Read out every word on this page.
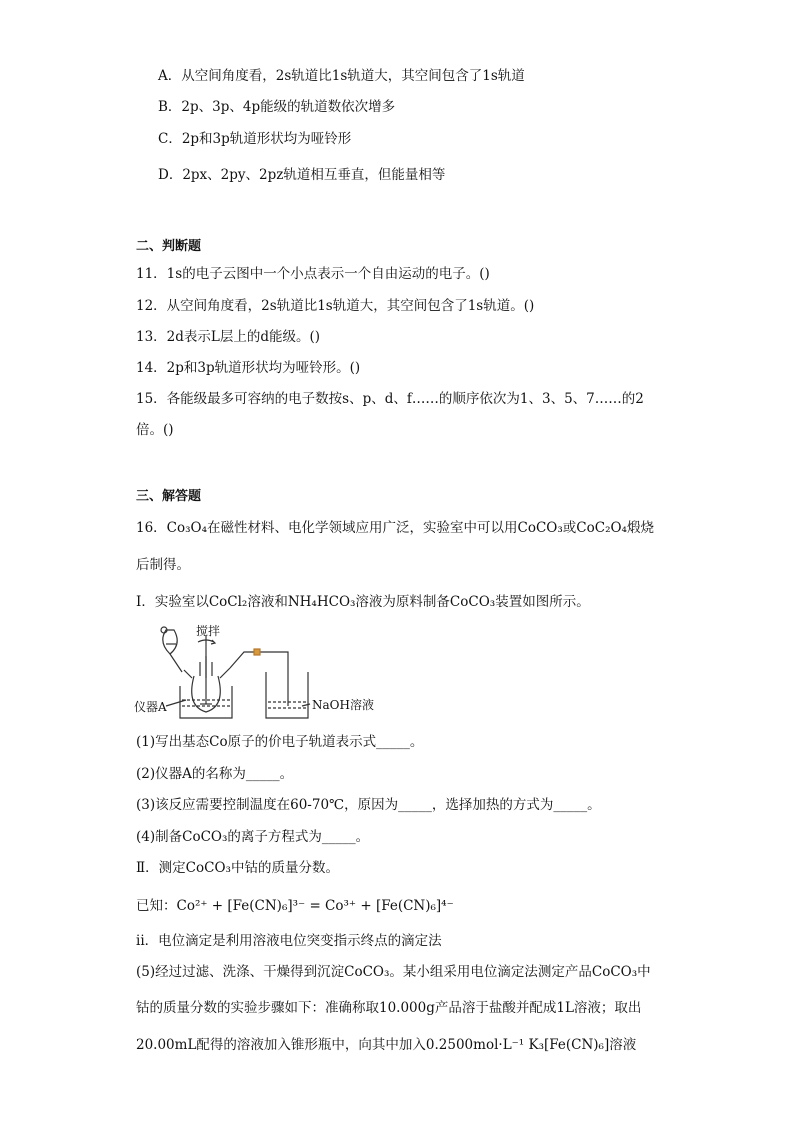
A．从空间角度看，2s轨道比1s轨道大，其空间包含了1s轨道
B．2p、3p、4p能级的轨道数依次增多
C．2p和3p轨道形状均为哑铃形
D．2px、2py、2pz轨道相互垂直，但能量相等
二、判断题
11．1s的电子云图中一个小点表示一个自由运动的电子。()
12．从空间角度看，2s轨道比1s轨道大，其空间包含了1s轨道。()
13．2d表示L层上的d能级。()
14．2p和3p轨道形状均为哑铃形。()
15．各能级最多可容纳的电子数按s、p、d、f……的顺序依次为1、3、5、7……的2
倍。()
三、解答题
16．Co₃O₄在磁性材料、电化学领域应用广泛，实验室中可以用CoCO₃或CoC₂O₄煅烧
后制得。
Ⅰ．实验室以CoCl₂溶液和NH₄HCO₃溶液为原料制备CoCO₃装置如图所示。
搅拌
仪器A	NaOH溶液
(1)写出基态Co原子的价电子轨道表示式_____。
(2)仪器A的名称为_____。
(3)该反应需要控制温度在60-70℃，原因为_____，选择加热的方式为_____。
(4)制备CoCO₃的离子方程式为_____。
Ⅱ．测定CoCO₃中钴的质量分数。
已知：Co²⁺ + [Fe(CN)₆]³⁻ = Co³⁺ + [Fe(CN)₆]⁴⁻
ii．电位滴定是利用溶液电位突变指示终点的滴定法
(5)经过过滤、洗涤、干燥得到沉淀CoCO₃。某小组采用电位滴定法测定产品CoCO₃中
钴的质量分数的实验步骤如下：准确称取10.000g产品溶于盐酸并配成1L溶液；取出
20.00mL配得的溶液加入锥形瓶中，向其中加入0.2500mol·L⁻¹ K₃[Fe(CN)₆]溶液
